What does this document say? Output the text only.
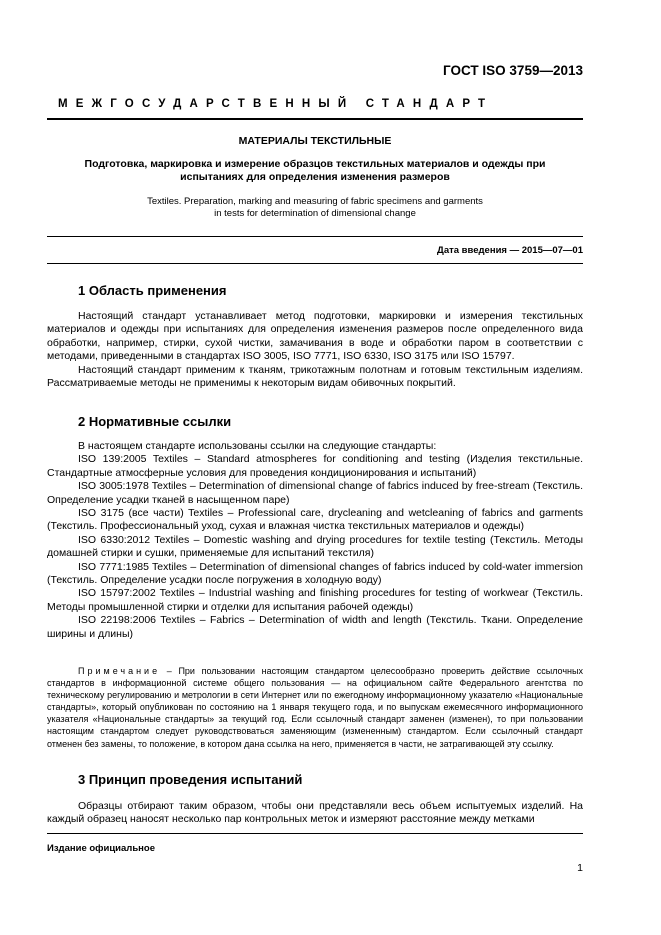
ГОСТ ISO 3759—2013
МЕЖГОСУДАРСТВЕННЫЙ СТАНДАРТ
МАТЕРИАЛЫ ТЕКСТИЛЬНЫЕ
Подготовка, маркировка и измерение образцов текстильных материалов и одежды при испытаниях для определения изменения размеров
Textiles. Preparation, marking and measuring of fabric specimens and garments
in tests for determination of dimensional change
Дата введения — 2015—07—01
1 Область применения

Настоящий стандарт устанавливает метод подготовки, маркировки и измерения текстильных материалов и одежды при испытаниях для определения изменения размеров после определенного вида обработки, например, стирки, сухой чистки, замачивания в воде и обработки паром в соответствии с методами, приведенными в стандартах ISO 3005, ISO 7771, ISO 6330, ISO 3175 или ISO 15797.

Настоящий стандарт применим к тканям, трикотажным полотнам и готовым текстильным изделиям. Рассматриваемые методы не применимы к некоторым видам обивочных покрытий.

2 Нормативные ссылки

В настоящем стандарте использованы ссылки на следующие стандарты:

ISO 139:2005 Textiles – Standard atmospheres for conditioning and testing (Изделия текстильные. Стандартные атмосферные условия для проведения кондиционирования и испытаний)

ISO 3005:1978 Textiles – Determination of dimensional change of fabrics induced by free-stream (Текстиль. Определение усадки тканей в насыщенном паре)

ISO 3175 (все части) Textiles – Professional care, drycleaning and wetcleaning of fabrics and garments (Текстиль. Профессиональный уход, сухая и влажная чистка текстильных материалов и одежды)

ISO 6330:2012 Textiles – Domestic washing and drying procedures for textile testing (Текстиль. Методы домашней стирки и сушки, применяемые для испытаний текстиля)

ISO 7771:1985 Textiles – Determination of dimensional changes of fabrics induced by cold-water immersion (Текстиль. Определение усадки после погружения в холодную воду)

ISO 15797:2002 Textiles – Industrial washing and finishing procedures for testing of workwear (Текстиль. Методы промышленной стирки и отделки для испытания рабочей одежды)

ISO 22198:2006 Textiles – Fabrics – Determination of width and length (Текстиль. Ткани. Определение ширины и длины)

Примечание – При пользовании настоящим стандартом целесообразно проверить действие ссылочных стандартов в информационной системе общего пользования — на официальном сайте Федерального агентства по техническому регулированию и метрологии в сети Интернет или по ежегодному информационному указателю «Национальные стандарты», который опубликован по состоянию на 1 января текущего года, и по выпускам ежемесячного информационного указателя «Национальные стандарты» за текущий год. Если ссылочный стандарт заменен (изменен), то при пользовании настоящим стандартом следует руководствоваться заменяющим (измененным) стандартом. Если ссылочный стандарт отменен без замены, то положение, в котором дана ссылка на него, применяется в части, не затрагивающей эту ссылку.

3 Принцип проведения испытаний

Образцы отбирают таким образом, чтобы они представляли весь объем испытуемых изделий. На каждый образец наносят несколько пар контрольных меток и измеряют расстояние между метками

Издание официальное
1
